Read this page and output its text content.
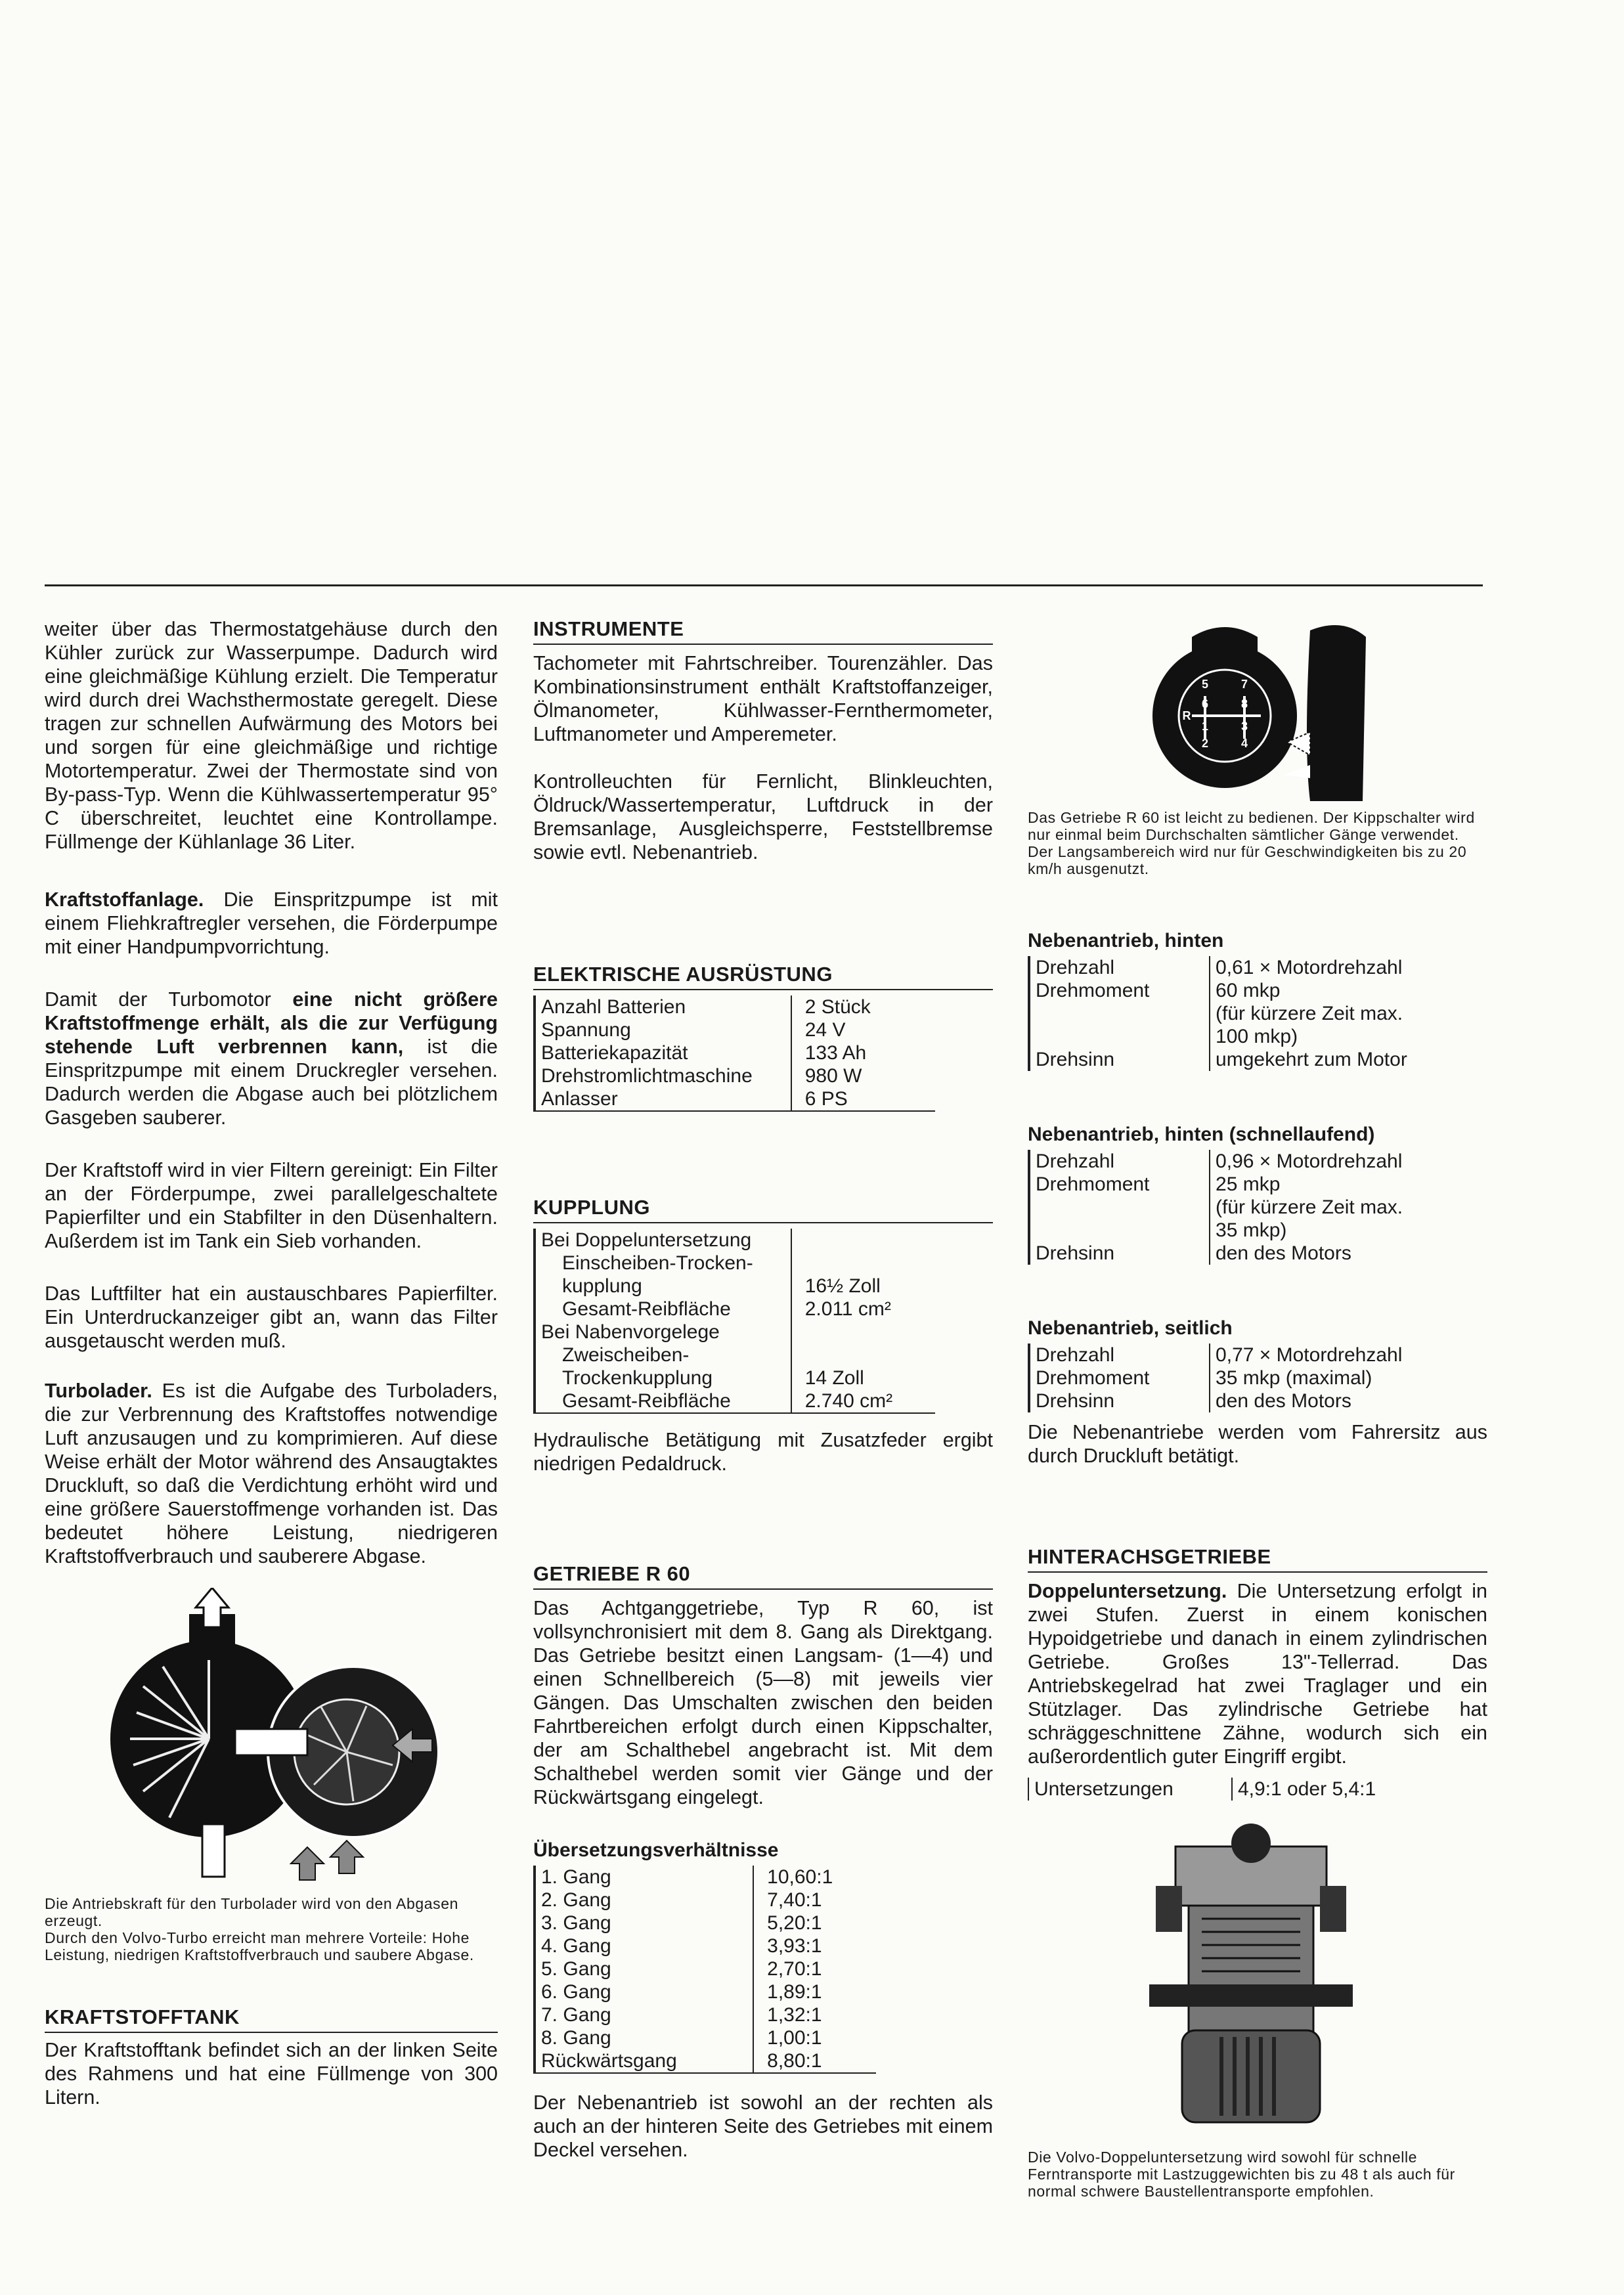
weiter über das Thermostatgehäuse durch den Kühler zurück zur Wasserpumpe. Dadurch wird eine gleichmäßige Kühlung erzielt. Die Temperatur wird durch drei Wachsthermostate geregelt. Diese tragen zur schnellen Aufwärmung des Motors bei und sorgen für eine gleichmäßige und richtige Motortemperatur. Zwei der Thermostate sind von By-pass-Typ. Wenn die Kühlwassertemperatur 95° C überschreitet, leuchtet eine Kontrollampe. Füllmenge der Kühlanlage 36 Liter.

Kraftstoffanlage. Die Einspritzpumpe ist mit einem Fliehkraftregler versehen, die Förderpumpe mit einer Handpumpvorrichtung.

Damit der Turbomotor eine nicht größere Kraftstoffmenge erhält, als die zur Verfügung stehende Luft verbrennen kann, ist die Einspritzpumpe mit einem Druckregler versehen. Dadurch werden die Abgase auch bei plötzlichem Gasgeben sauberer.

Der Kraftstoff wird in vier Filtern gereinigt: Ein Filter an der Förderpumpe, zwei parallelgeschaltete Papierfilter und ein Stabfilter in den Düsenhaltern. Außerdem ist im Tank ein Sieb vorhanden.

Das Luftfilter hat ein austauschbares Papierfilter. Ein Unterdruckanzeiger gibt an, wann das Filter ausgetauscht werden muß.

Turbolader. Es ist die Aufgabe des Turboladers, die zur Verbrennung des Kraftstoffes notwendige Luft anzusaugen und zu komprimieren. Auf diese Weise erhält der Motor während des Ansaugtaktes Druckluft, so daß die Verdichtung erhöht wird und eine größere Sauerstoffmenge vorhanden ist. Das bedeutet höhere Leistung, niedrigeren Kraftstoffverbrauch und sauberere Abgase.

Die Antriebskraft für den Turbolader wird von den Abgasen erzeugt.

Durch den Volvo-Turbo erreicht man mehrere Vorteile: Hohe Leistung, niedrigen Kraftstoffverbrauch und saubere Abgase.

KRAFTSTOFFTANK

Der Kraftstofftank befindet sich an der linken Seite des Rahmens und hat eine Füllmenge von 300 Litern.

INSTRUMENTE

Tachometer mit Fahrtschreiber. Tourenzähler. Das Kombinationsinstrument enthält Kraftstoffanzeiger, Ölmanometer, Kühlwasser-Fernthermometer, Luftmanometer und Amperemeter.

Kontrolleuchten für Fernlicht, Blinkleuchten, Öldruck/Wassertemperatur, Luftdruck in der Bremsanlage, Ausgleichsperre, Feststellbremse sowie evtl. Nebenantrieb.

ELEKTRISCHE AUSRÜSTUNG
Anzahl Batterien	2 Stück
Spannung	24 V
Batteriekapazität	133 Ah
Drehstromlichtmaschine	980 W
Anlasser	6 PS
KUPPLUNG
Bei Doppeluntersetzung	
Einscheiben-Trocken-	
kupplung	16½ Zoll
Gesamt-Reibfläche	2.011 cm²
Bei Nabenvorgelege	
Zweischeiben-	
Trockenkupplung	14 Zoll
Gesamt-Reibfläche	2.740 cm²

Hydraulische Betätigung mit Zusatzfeder ergibt niedrigen Pedaldruck.

GETRIEBE R 60

Das Achtganggetriebe, Typ R 60, ist vollsynchronisiert mit dem 8. Gang als Direktgang. Das Getriebe besitzt einen Langsam- (1—4) und einen Schnellbereich (5—8) mit jeweils vier Gängen. Das Umschalten zwischen den beiden Fahrtbereichen erfolgt durch einen Kippschalter, der am Schalthebel angebracht ist. Mit dem Schalthebel werden somit vier Gänge und der Rückwärtsgang eingelegt.

Übersetzungsverhältnisse
1. Gang	10,60:1
2. Gang	7,40:1
3. Gang	5,20:1
4. Gang	3,93:1
5. Gang	2,70:1
6. Gang	1,89:1
7. Gang	1,32:1
8. Gang	1,00:1
Rückwärtsgang	8,80:1

Der Nebenantrieb ist sowohl an der rechten als auch an der hinteren Seite des Getriebes mit einem Deckel versehen.

5	7
6	8
R
1	3
2	4

Das Getriebe R 60 ist leicht zu bedienen. Der Kippschalter wird nur einmal beim Durchschalten sämtlicher Gänge verwendet. Der Langsambereich wird nur für Geschwindigkeiten bis zu 20 km/h ausgenutzt.

Nebenantrieb, hinten
Drehzahl	0,61 × Motordrehzahl
Drehmoment	60 mkp
	(für kürzere Zeit max.
	100 mkp)
Drehsinn	umgekehrt zum Motor
Nebenantrieb, hinten (schnellaufend)
Drehzahl	0,96 × Motordrehzahl
Drehmoment	25 mkp
	(für kürzere Zeit max.
	35 mkp)
Drehsinn	den des Motors
Nebenantrieb, seitlich
Drehzahl	0,77 × Motordrehzahl
Drehmoment	35 mkp (maximal)
Drehsinn	den des Motors

Die Nebenantriebe werden vom Fahrersitz aus durch Druckluft betätigt.

HINTERACHSGETRIEBE

Doppeluntersetzung. Die Untersetzung erfolgt in zwei Stufen. Zuerst in einem konischen Hypoidgetriebe und danach in einem zylindrischen Getriebe. Großes 13"-Tellerrad. Das Antriebskegelrad hat zwei Traglager und ein Stützlager. Das zylindrische Getriebe hat schräggeschnittene Zähne, wodurch sich ein außerordentlich guter Eingriff ergibt.

Untersetzungen	4,9:1 oder 5,4:1

Die Volvo-Doppeluntersetzung wird sowohl für schnelle Ferntransporte mit Lastzuggewichten bis zu 48 t als auch für normal schwere Baustellentransporte empfohlen.
